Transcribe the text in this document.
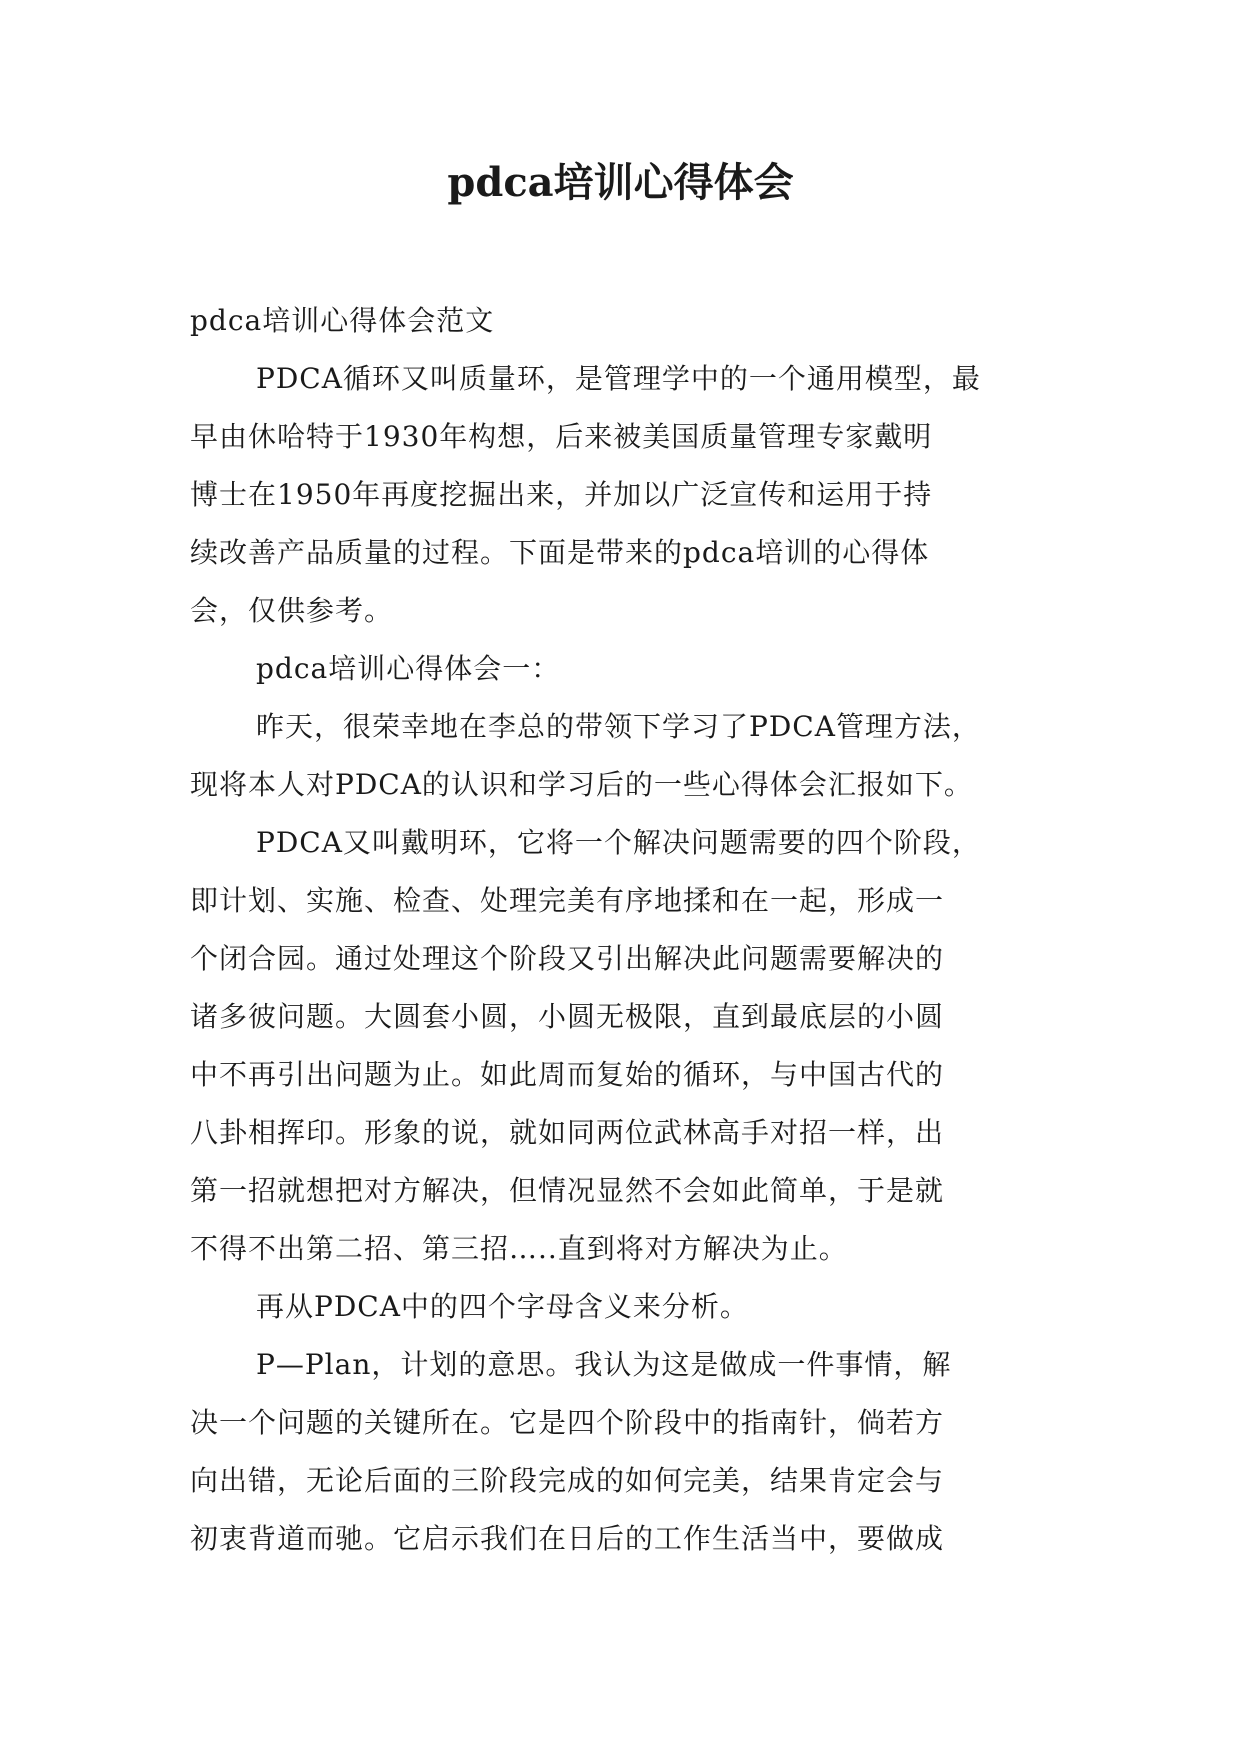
pdca培训心得体会
pdca培训心得体会范文
PDCA循环又叫质量环，是管理学中的一个通用模型，最
早由休哈特于1930年构想，后来被美国质量管理专家戴明
博士在1950年再度挖掘出来，并加以广泛宣传和运用于持
续改善产品质量的过程。下面是带来的pdca培训的心得体
会，仅供参考。
pdca培训心得体会一：
昨天，很荣幸地在李总的带领下学习了PDCA管理方法，
现将本人对PDCA的认识和学习后的一些心得体会汇报如下。
PDCA又叫戴明环，它将一个解决问题需要的四个阶段，
即计划、实施、检查、处理完美有序地揉和在一起，形成一
个闭合园。通过处理这个阶段又引出解决此问题需要解决的
诸多彼问题。大圆套小圆，小圆无极限，直到最底层的小圆
中不再引出问题为止。如此周而复始的循环，与中国古代的
八卦相挥印。形象的说，就如同两位武林高手对招一样，出
第一招就想把对方解决，但情况显然不会如此简单，于是就
不得不出第二招、第三招…..直到将对方解决为止。
再从PDCA中的四个字母含义来分析。
P—Plan，计划的意思。我认为这是做成一件事情，解
决一个问题的关键所在。它是四个阶段中的指南针，倘若方
向出错，无论后面的三阶段完成的如何完美，结果肯定会与
初衷背道而驰。它启示我们在日后的工作生活当中，要做成
